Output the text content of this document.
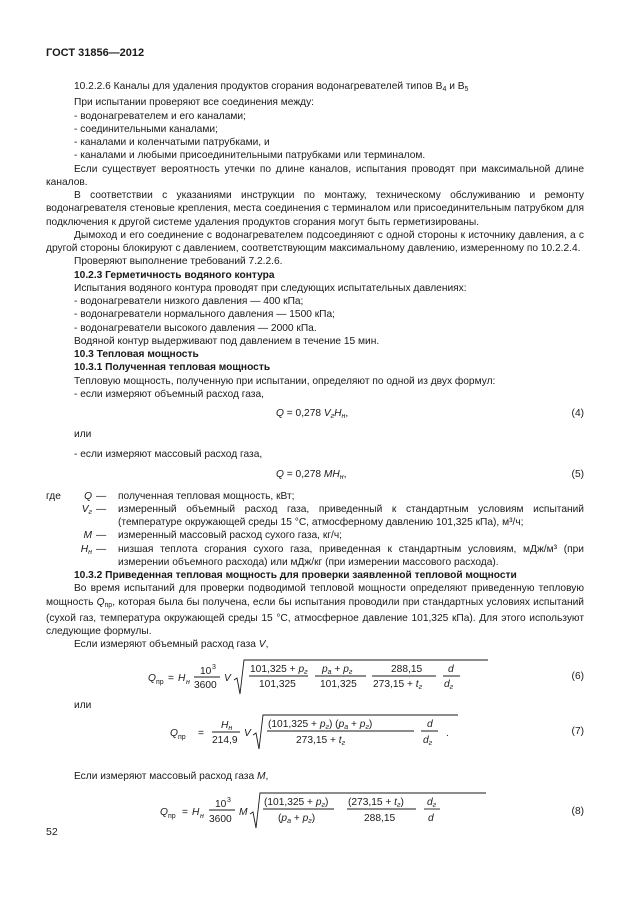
ГОСТ 31856—2012

10.2.2.6 Каналы для удаления продуктов сгорания водонагревателей типов $B_4$ и $B_5$

При испытании проверяют все соединения между:

- водонагревателем и его каналами;

- соединительными каналами;

- каналами и коленчатыми патрубками, и

- каналами и любыми присоединительными патрубками или терминалом.

Если существует вероятность утечки по длине каналов, испытания проводят при максимальной длине каналов.

В соответствии с указаниями инструкции по монтажу, техническому обслуживанию и ремонту водонагревателя стеновые крепления, места соединения с терминалом или присоединительным патрубком для подключения к другой системе удаления продуктов сгорания могут быть герметизированы.

Дымоход и его соединение с водонагревателем подсоединяют с одной стороны к источнику давления, а с другой стороны блокируют с давлением, соответствующим максимальному давлению, измеренному по 10.2.2.4.

Проверяют выполнение требований 7.2.2.6.

10.2.3 Герметичность водяного контура

Испытания водяного контура проводят при следующих испытательных давлениях:

- водонагреватели низкого давления — 400 кПа;

- водонагреватели нормального давления — 1500 кПа;

- водонагреватели высокого давления — 2000 кПа.

Водяной контур выдерживают под давлением в течение 15 мин.

10.3 Тепловая мощность

10.3.1 Полученная тепловая мощность

Тепловую мощность, полученную при испытании, определяют по одной из двух формул:

- если измеряют объемный расход газа,

Q = 0,278 $V_гH_н$,	(4)

или

- если измеряют массовый расход газа,

Q = 0,278 $MH_н$,	(5)
где	Q	—	полученная тепловая мощность, кВт;
	$V_г$	—	измеренный объемный расход газа, приведенный к стандартным условиям испытаний (температуре окружающей среды 15 °C, атмосферному давлению 101,325 кПа), м³/ч;
	M	—	измеренный массовый расход сухого газа, кг/ч;
	$H_н$	—	низшая теплота сгорания сухого газа, приведенная к стандартным условиям, мДж/м³ (при измерении объемного расхода) или мДж/кг (при измерении массового расхода).

10.3.2 Приведенная тепловая мощность для проверки заявленной тепловой мощности

Во время испытаний для проверки подводимой тепловой мощности определяют приведенную тепловую мощность $Q_{пр}$, которая была бы получена, если бы испытания проводили при стандартных условиях испытаний (сухой газ, температура окружающей среды 15 °C, атмосферное давление 101,325 кПа). Для этого используют следующие формулы.

Если измеряют объемный расход газа V,

Q пр = H н
10 3
3600
V
101,325 + pг
101,325
pa + pг
101,325
288,15
273,15 + tг
d
dг
(6)

или

Q пр =
Hн
214,9
V
(101,325 + pг) (pa + pг)
273,15 + tг
d
dг
.	(7)

Если измеряют массовый расход газа M,

Q пр = H н
10 3
3600
M
(101,325 + pг)
(pa + pг)
(273,15 + tг)
288,15
dг
d
(8)
52
